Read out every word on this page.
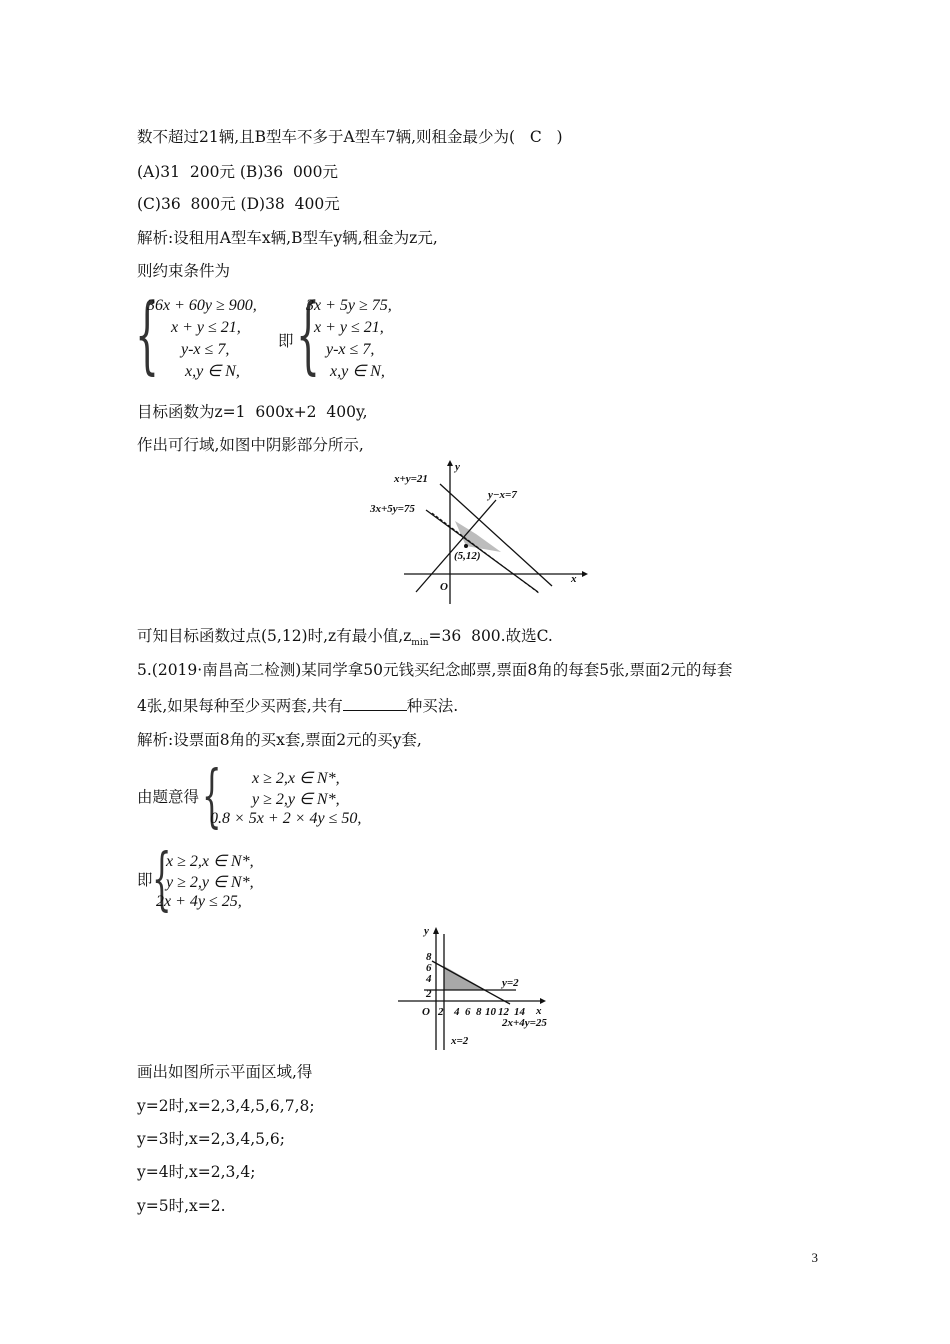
数不超过21辆,且B型车不多于A型车7辆,则租金最少为(   C   )
(A)31  200元 (B)36  000元
(C)36  800元 (D)38  400元
解析:设租用A型车x辆,B型车y辆,租金为z元,
则约束条件为
{
36x + 60y ≥ 900,
x + y ≤ 21,
y-x ≤ 7,
x,y ∈ N,
即 {
3x + 5y ≥ 75,
x + y ≤ 21,
y-x ≤ 7,
x,y ∈ N,
目标函数为z=1  600x+2  400y,
作出可行域,如图中阴影部分所示,
x
y
O
x+y=21
y−x=7
3x+5y=75
(5,12)
可知目标函数过点(5,12)时,z有最小值$,z_{min}=36$  800.故选C.
5.(2019·南昌高二检测)某同学拿50元钱买纪念邮票,票面8角的每套5张,票面2元的每套
4张,如果每种至少买两套,共有	种买法.
解析:设票面8角的买x套,票面2元的买y套,
由题意得 { x ≥ 2,x ∈ N*,
y ≥ 2,y ∈ N*,
0.8 × 5x + 2 × 4y ≤ 50,
即 {
x ≥ 2,x ∈ N*,
y ≥ 2,y ∈ N*,
2x + 4y ≤ 25,
x
y
O
8
6
4
2
2 4 6 8 10 12 14
y=2
2x+4y=25
x=2
画出如图所示平面区域,得
y=2时,x=2,3,4,5,6,7,8;
y=3时,x=2,3,4,5,6;
y=4时,x=2,3,4;
y=5时,x=2.
3
